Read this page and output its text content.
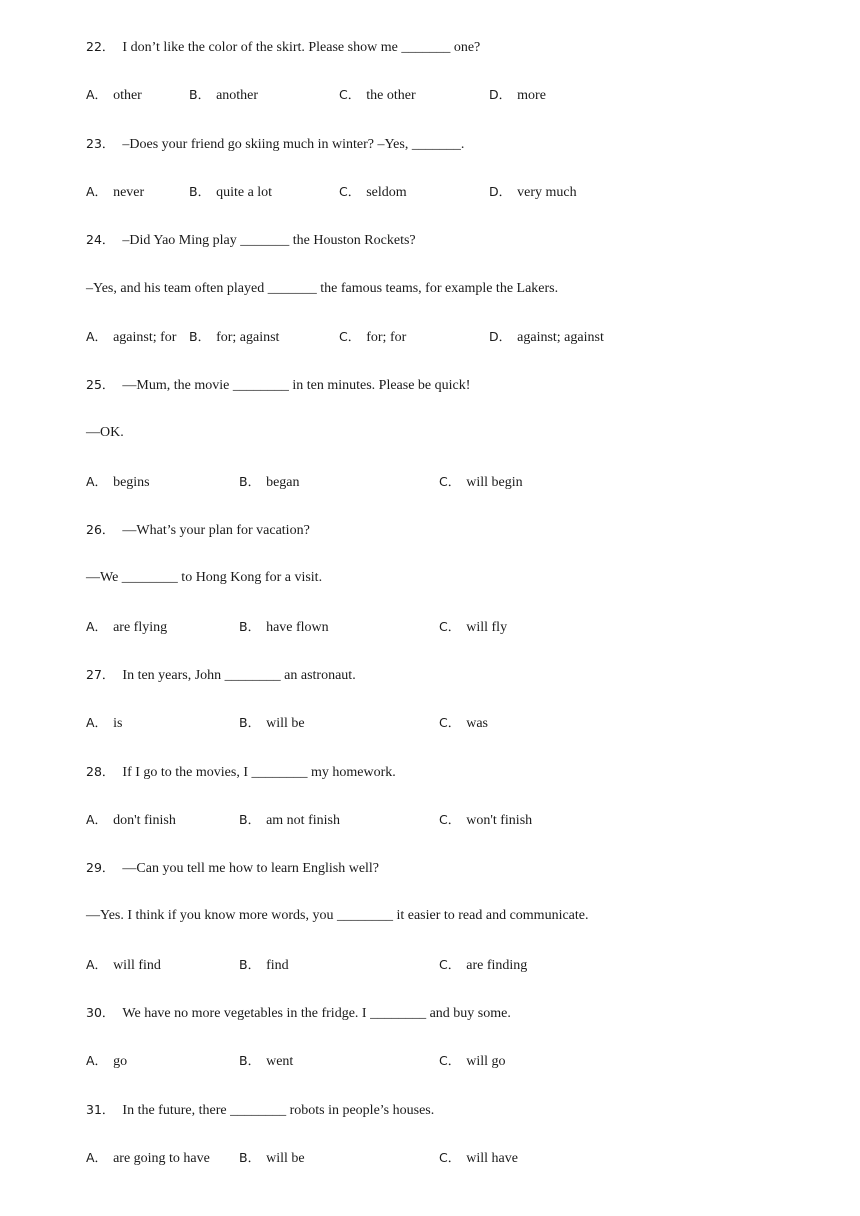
22． I don’t like the color of the skirt. Please show me _______ one?
A． other	B． another	C． the other	D． more
23． –Does your friend go skiing much in winter? –Yes, _______.
A． never	B． quite a lot	C． seldom	D． very much
24． –Did Yao Ming play _______ the Houston Rockets?
–Yes, and his team often played _______ the famous teams, for example the Lakers.
A． against; for B． for; against	C． for; for	D． against; against
25． —Mum, the movie ________ in ten minutes. Please be quick!
—OK.
A． begins	B． began	C． will begin
26． —What’s your plan for vacation?
—We ________ to Hong Kong for a visit.
A． are flying	B． have flown	C． will fly
27． In ten years, John ________ an astronaut.
A． is	B． will be	C． was
28． If I go to the movies, I ________ my homework.
A． don't finish	B． am not finish	C． won't finish
29． —Can you tell me how to learn English well?
—Yes. I think if you know more words, you ________ it easier to read and communicate.
A． will find	B． find	C． are finding
30． We have no more vegetables in the fridge. I ________ and buy some.
A． go	B． went	C． will go
31． In the future, there ________ robots in people’s houses.
A． are going to have B． will be	C． will have
